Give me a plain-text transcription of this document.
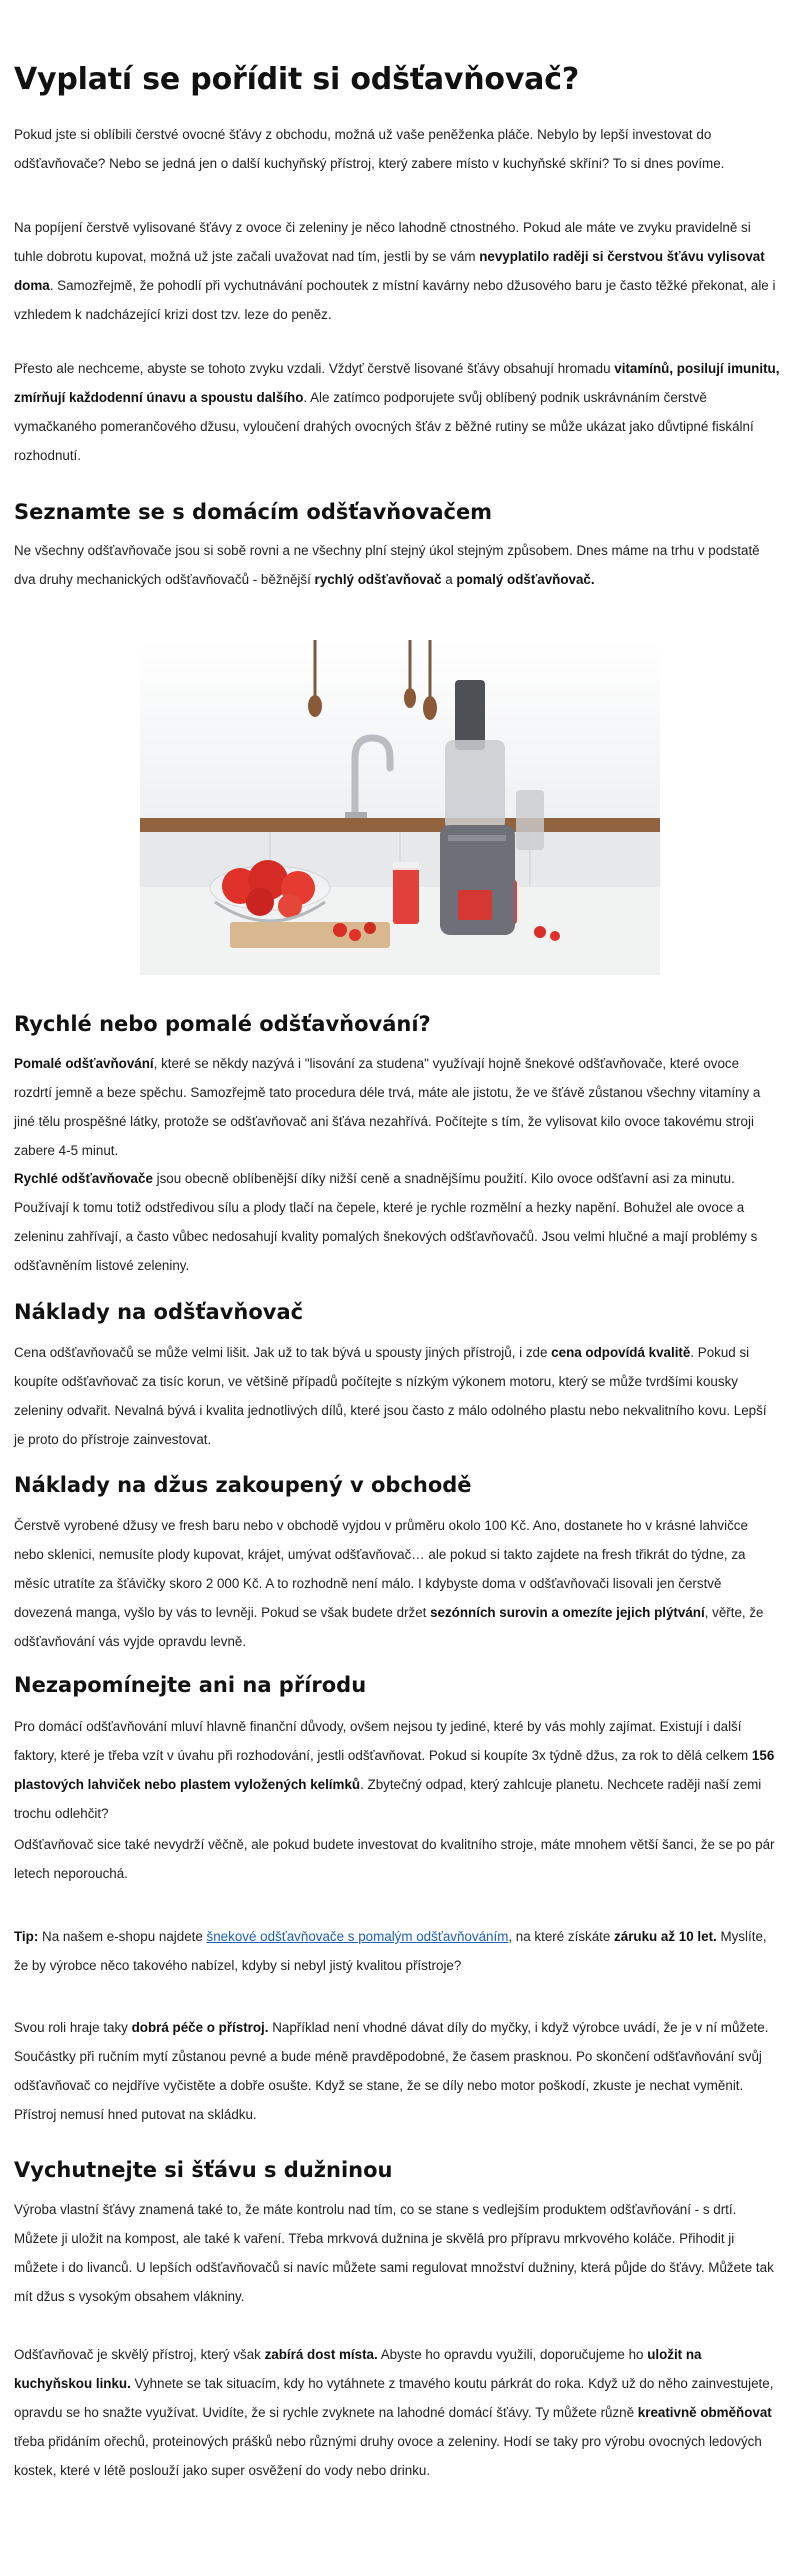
Vyplatí se pořídit si odšťavňovač?

Pokud jste si oblíbili čerstvé ovocné šťávy z obchodu, možná už vaše peněženka pláče. Nebylo by lepší investovat do odšťavňovače? Nebo se jedná jen o další kuchyňský přístroj, který zabere místo v kuchyňské skříni? To si dnes povíme.

Na popíjení čerstvě vylisované šťávy z ovoce či zeleniny je něco lahodně ctnostného. Pokud ale máte ve zvyku pravidelně si tuhle dobrotu kupovat, možná už jste začali uvažovat nad tím, jestli by se vám nevyplatilo raději si čerstvou šťávu vylisovat doma. Samozřejmě, že pohodlí při vychutnávání pochoutek z místní kavárny nebo džusového baru je často těžké překonat, ale i vzhledem k nadcházející krizi dost tzv. leze do peněz.

Přesto ale nechceme, abyste se tohoto zvyku vzdali. Vždyť čerstvě lisované šťávy obsahují hromadu vitamínů, posilují imunitu, zmírňují každodenní únavu a spoustu dalšího. Ale zatímco podporujete svůj oblíbený podnik uskrávnáním čerstvě vymačkaného pomerančového džusu, vyloučení drahých ovocných šťáv z běžné rutiny se může ukázat jako důvtipné fiskální rozhodnutí.

Seznamte se s domácím odšťavňovačem

Ne všechny odšťavňovače jsou si sobě rovni a ne všechny plní stejný úkol stejným způsobem. Dnes máme na trhu v podstatě dva druhy mechanických odšťavňovačů - běžnější rychlý odšťavňovač a pomalý odšťavňovač.

Rychlé nebo pomalé odšťavňování?

Pomalé odšťavňování, které se někdy nazývá i "lisování za studena" využívají hojně šnekové odšťavňovače, které ovoce rozdrtí jemně a beze spěchu. Samozřejmě tato procedura déle trvá, máte ale jistotu, že ve šťávě zůstanou všechny vitamíny a jiné tělu prospěšné látky, protože se odšťavňovač ani šťáva nezahřívá. Počítejte s tím, že vylisovat kilo ovoce takovému stroji zabere 4-5 minut.

Rychlé odšťavňovače jsou obecně oblíbenější díky nižší ceně a snadnějšímu použití. Kilo ovoce odšťavní asi za minutu. Používají k tomu totiž odstředivou sílu a plody tlačí na čepele, které je rychle rozmělní a hezky napění. Bohužel ale ovoce a zeleninu zahřívají, a často vůbec nedosahují kvality pomalých šnekových odšťavňovačů. Jsou velmi hlučné a mají problémy s odšťavněním listové zeleniny.

Náklady na odšťavňovač

Cena odšťavňovačů se může velmi lišit. Jak už to tak bývá u spousty jiných přístrojů, i zde cena odpovídá kvalitě. Pokud si koupíte odšťavňovač za tisíc korun, ve většině případů počítejte s nízkým výkonem motoru, který se může tvrdšími kousky zeleniny odvařit. Nevalná bývá i kvalita jednotlivých dílů, které jsou často z málo odolného plastu nebo nekvalitního kovu. Lepší je proto do přístroje zainvestovat.

Náklady na džus zakoupený v obchodě

Čerstvě vyrobené džusy ve fresh baru nebo v obchodě vyjdou v průměru okolo 100 Kč. Ano, dostanete ho v krásné lahvičce nebo sklenici, nemusíte plody kupovat, krájet, umývat odšťavňovač… ale pokud si takto zajdete na fresh třikrát do týdne, za měsíc utratíte za šťávičky skoro 2 000 Kč. A to rozhodně není málo. I kdybyste doma v odšťavňovači lisovali jen čerstvě dovezená manga, vyšlo by vás to levněji. Pokud se však budete držet sezónních surovin a omezíte jejich plýtvání, věřte, že odšťavňování vás vyjde opravdu levně.

Nezapomínejte ani na přírodu

Pro domácí odšťavňování mluví hlavně finanční důvody, ovšem nejsou ty jediné, které by vás mohly zajímat. Existují i další faktory, které je třeba vzít v úvahu při rozhodování, jestli odšťavňovat. Pokud si koupíte 3x týdně džus, za rok to dělá celkem 156 plastových lahviček nebo plastem vyložených kelímků. Zbytečný odpad, který zahlcuje planetu. Nechcete raději naší zemi trochu odlehčit?

Odšťavňovač sice také nevydrží věčně, ale pokud budete investovat do kvalitního stroje, máte mnohem větší šanci, že se po pár letech neporouchá.

Tip: Na našem e-shopu najdete šnekové odšťavňovače s pomalým odšťavňováním, na které získáte záruku až 10 let. Myslíte, že by výrobce něco takového nabízel, kdyby si nebyl jistý kvalitou přístroje?

Svou roli hraje taky dobrá péče o přístroj. Například není vhodné dávat díly do myčky, i když výrobce uvádí, že je v ní můžete. Součástky při ručním mytí zůstanou pevné a bude méně pravděpodobné, že časem prasknou. Po skončení odšťavňování svůj odšťavňovač co nejdříve vyčistěte a dobře osušte. Když se stane, že se díly nebo motor poškodí, zkuste je nechat vyměnit. Přístroj nemusí hned putovat na skládku.

Vychutnejte si šťávu s dužninou

Výroba vlastní šťávy znamená také to, že máte kontrolu nad tím, co se stane s vedlejším produktem odšťavňování - s drtí. Můžete ji uložit na kompost, ale také k vaření. Třeba mrkvová dužnina je skvělá pro přípravu mrkvového koláče. Přihodit ji můžete i do livanců. U lepších odšťavňovačů si navíc můžete sami regulovat množství dužniny, která půjde do šťávy. Můžete tak mít džus s vysokým obsahem vlákniny.

Odšťavňovač je skvělý přístroj, který však zabírá dost místa. Abyste ho opravdu využili, doporučujeme ho uložit na kuchyňskou linku. Vyhnete se tak situacím, kdy ho vytáhnete z tmavého koutu párkrát do roka. Když už do něho zainvestujete, opravdu se ho snažte využívat. Uvidíte, že si rychle zvyknete na lahodné domácí šťávy. Ty můžete různě kreativně obměňovat třeba přidáním ořechů, proteinových prášků nebo různými druhy ovoce a zeleniny. Hodí se taky pro výrobu ovocných ledových kostek, které v létě poslouží jako super osvěžení do vody nebo drinku.
